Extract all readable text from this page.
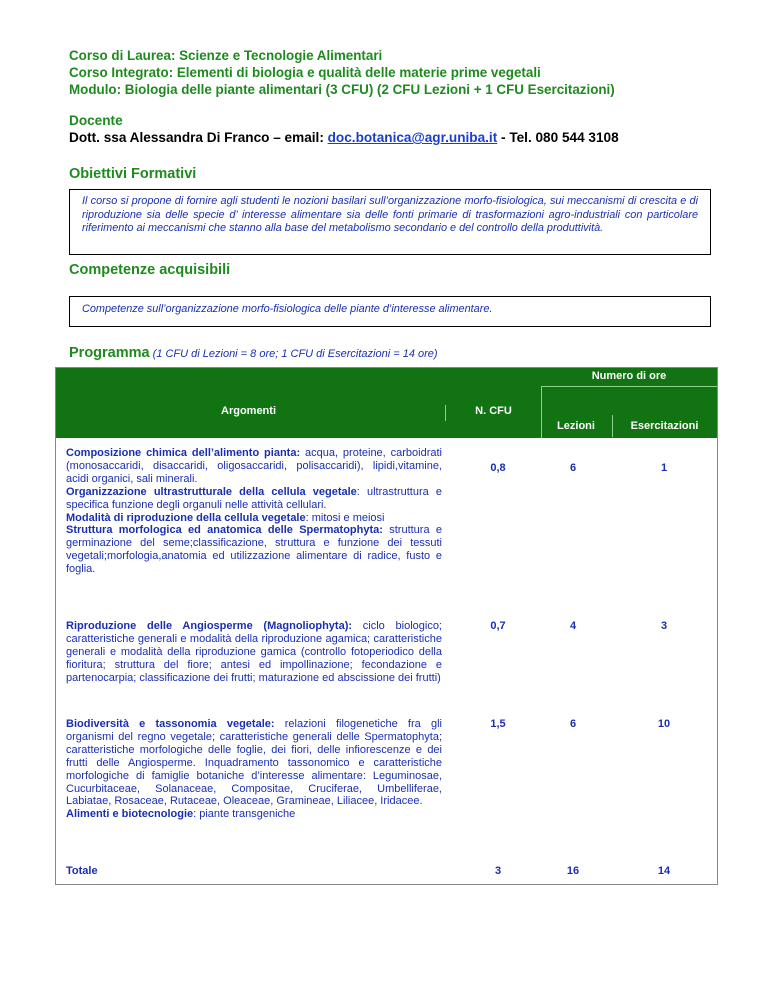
Corso di Laurea: Scienze e Tecnologie Alimentari
Corso Integrato: Elementi di biologia e qualità delle materie prime vegetali
Modulo: Biologia delle piante alimentari (3 CFU) (2 CFU Lezioni + 1 CFU Esercitazioni)
Docente
Dott. ssa Alessandra Di Franco – email: doc.botanica@agr.uniba.it - Tel. 080 544 3108
Obiettivi Formativi
Il corso si propone di fornire agli studenti le nozioni basilari sull’organizzazione morfo-fisiologica, sui meccanismi di crescita e di riproduzione sia delle specie d’ interesse alimentare sia delle fonti primarie di trasformazioni agro-industriali con particolare riferimento ai meccanismi che stanno alla base del metabolismo secondario e del controllo della produttività.
Competenze acquisibili
Competenze sull’organizzazione morfo-fisiologica delle piante d’interesse alimentare.
Programma (1 CFU di Lezioni = 8 ore; 1 CFU di Esercitazioni = 14 ore)
Argomenti	N. CFU
Numero di ore
Lezioni	Esercitazioni
Composizione chimica dell’alimento pianta: acqua, proteine, carboidrati (monosaccaridi, disaccaridi, oligosaccaridi, polisaccaridi), lipidi,vitamine, acidi organici, sali minerali.
Organizzazione ultrastrutturale della cellula vegetale: ultrastruttura e specifica funzione degli organuli nelle attività cellulari.
Modalità di riproduzione della cellula vegetale: mitosi e meiosi
Struttura morfologica ed anatomica delle Spermatophyta: struttura e germinazione del seme;classificazione, struttura e funzione dei tessuti vegetali;morfologia,anatomia ed utilizzazione alimentare di radice, fusto e foglia.
0,8	6	1
Riproduzione delle Angiosperme (Magnoliophyta): ciclo biologico; caratteristiche generali e modalità della riproduzione agamica; caratteristiche generali e modalità della riproduzione gamica (controllo fotoperiodico della fioritura; struttura del fiore; antesi ed impollinazione; fecondazione e partenocarpia; classificazione dei frutti; maturazione ed abscissione dei frutti)
0,7	4	3
Biodiversità e tassonomia vegetale: relazioni filogenetiche fra gli organismi del regno vegetale; caratteristiche generali delle Spermatophyta; caratteristiche morfologiche delle foglie, dei fiori, delle infiorescenze e dei frutti delle Angiosperme. Inquadramento tassonomico e caratteristiche morfologiche di famiglie botaniche d’interesse alimentare: Leguminosae, Cucurbitaceae, Solanaceae, Compositae, Cruciferae, Umbelliferae, Labiatae, Rosaceae, Rutaceae, Oleaceae, Gramineae, Liliacee, Iridacee.
Alimenti e biotecnologie: piante transgeniche
1,5	6	10
Totale	3	16	14
